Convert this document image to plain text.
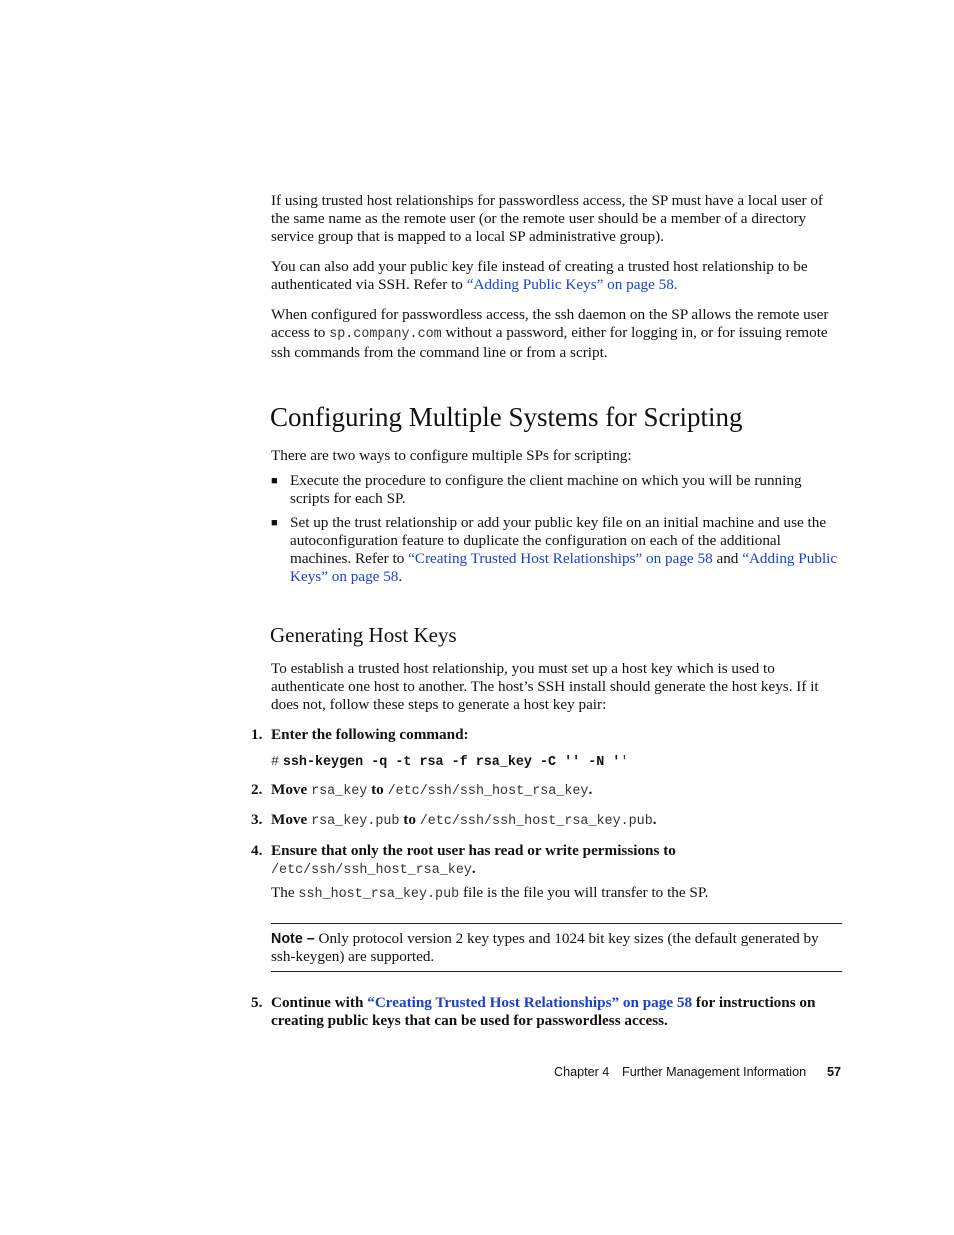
If using trusted host relationships for passwordless access, the SP must have a local user of the same name as the remote user (or the remote user should be a member of a directory service group that is mapped to a local SP administrative group).

You can also add your public key file instead of creating a trusted host relationship to be authenticated via SSH. Refer to “Adding Public Keys” on page 58.

When configured for passwordless access, the ssh daemon on the SP allows the remote user access to sp.company.com without a password, either for logging in, or for issuing remote ssh commands from the command line or from a script.

Configuring Multiple Systems for Scripting

There are two ways to configure multiple SPs for scripting:

■ Execute the procedure to configure the client machine on which you will be running scripts for each SP.

■ Set up the trust relationship or add your public key file on an initial machine and use the autoconfiguration feature to duplicate the configuration on each of the additional machines. Refer to “Creating Trusted Host Relationships” on page 58 and “Adding Public Keys” on page 58.

Generating Host Keys

To establish a trusted host relationship, you must set up a host key which is used to authenticate one host to another. The host’s SSH install should generate the host keys. If it does not, follow these steps to generate a host key pair:

1. Enter the following command:

# ssh-keygen -q -t rsa -f rsa_key -C '' -N ''
2. Move rsa_key to /etc/ssh/ssh_host_rsa_key.

3. Move rsa_key.pub to /etc/ssh/ssh_host_rsa_key.pub.

4. Ensure that only the root user has read or write permissions to
/etc/ssh/ssh_host_rsa_key.

The ssh_host_rsa_key.pub file is the file you will transfer to the SP.

Note – Only protocol version 2 key types and 1024 bit key sizes (the default generated by ssh-keygen) are supported.

5. Continue with “Creating Trusted Host Relationships” on page 58 for instructions on creating public keys that can be used for passwordless access.

Chapter 4 Further Management Information 57
